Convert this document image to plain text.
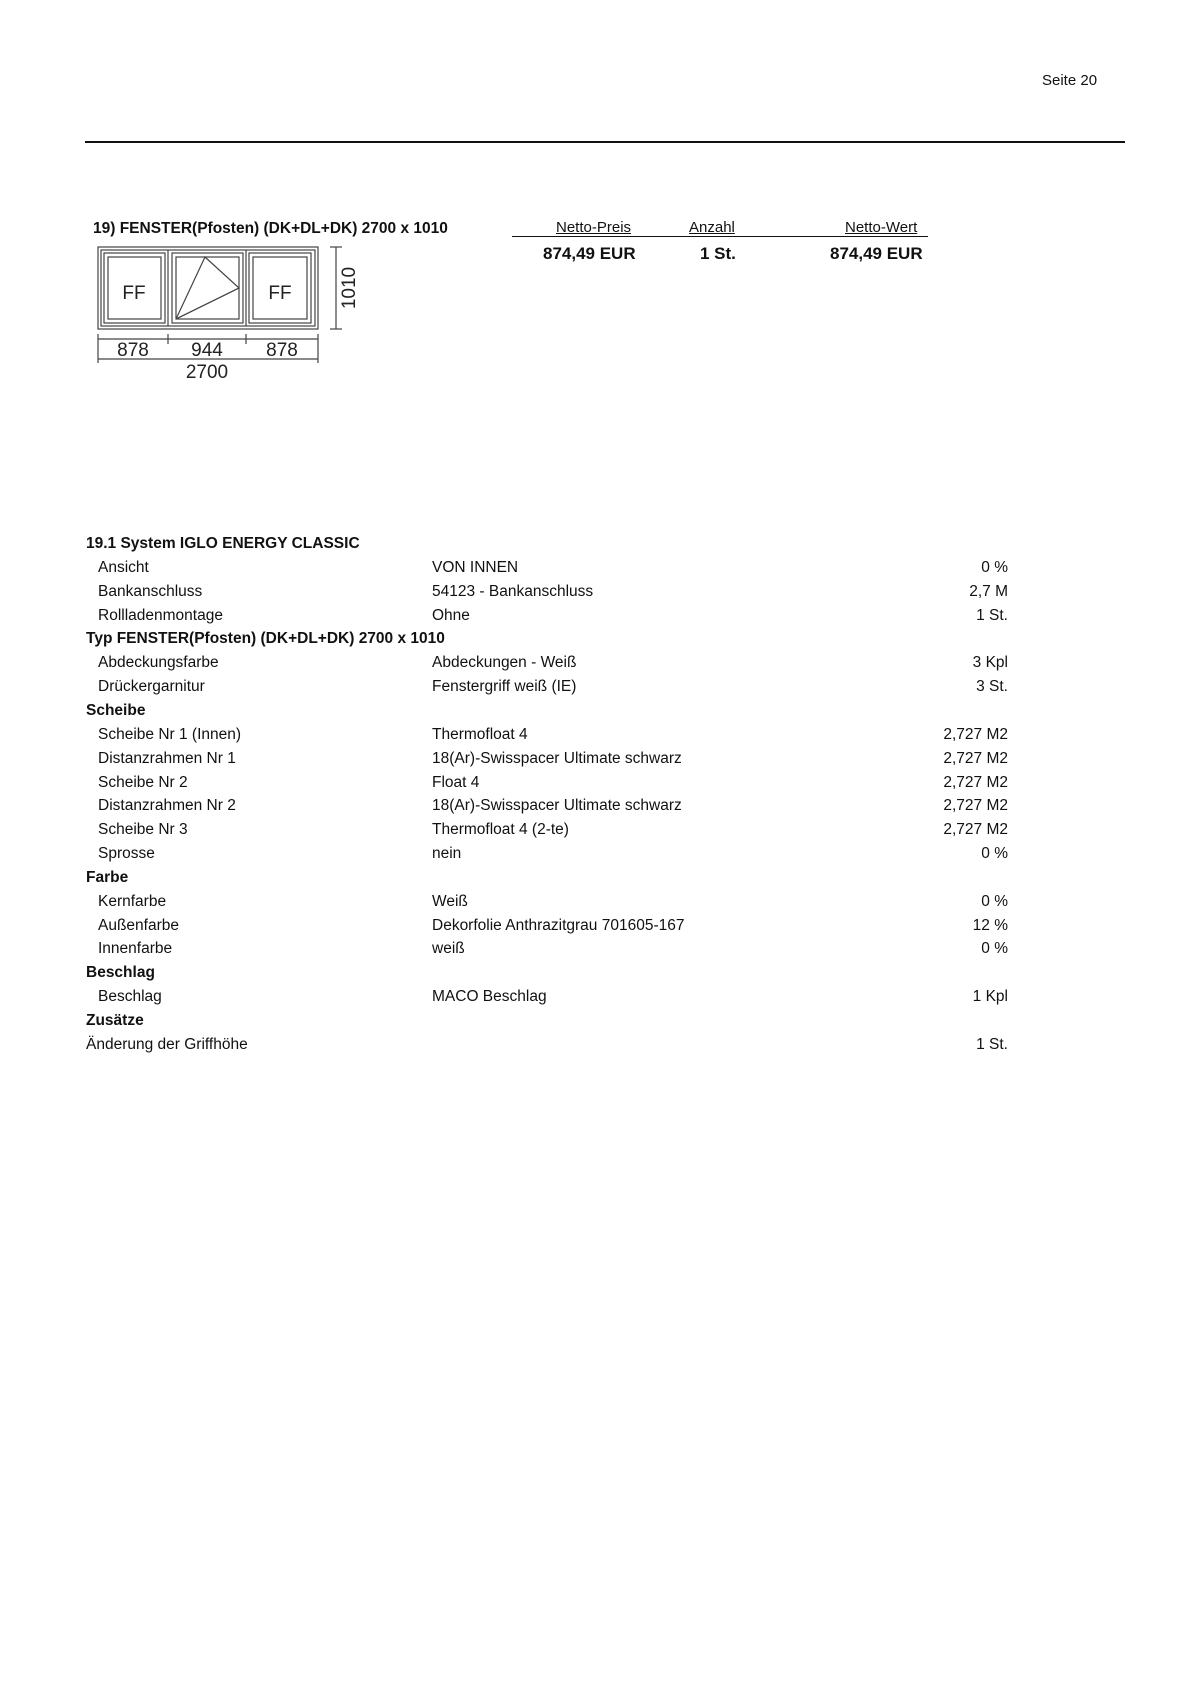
Seite 20
19) FENSTER(Pfosten) (DK+DL+DK) 2700 x 1010	Netto-Preis	Anzahl	Netto-Wert
874,49 EUR	1 St.	874,49 EUR
FF	FF 1010
878 944 878
2700
19.1 System IGLO ENERGY CLASSIC
Ansicht	VON INNEN	0 %
Bankanschluss	54123 - Bankanschluss	2,7 M
Rollladenmontage	Ohne	1 St.
Typ FENSTER(Pfosten) (DK+DL+DK) 2700 x 1010
Abdeckungsfarbe	Abdeckungen - Weiß	3 Kpl
Drückergarnitur	Fenstergriff weiß (IE)	3 St.
Scheibe
Scheibe Nr 1 (Innen)	Thermofloat 4	2,727 M2
Distanzrahmen Nr 1	18(Ar)-Swisspacer Ultimate schwarz	2,727 M2
Scheibe Nr 2	Float 4	2,727 M2
Distanzrahmen Nr 2	18(Ar)-Swisspacer Ultimate schwarz	2,727 M2
Scheibe Nr 3	Thermofloat 4 (2-te)	2,727 M2
Sprosse	nein	0 %
Farbe
Kernfarbe	Weiß	0 %
Außenfarbe	Dekorfolie Anthrazitgrau 701605-167	12 %
Innenfarbe	weiß	0 %
Beschlag
Beschlag	MACO Beschlag	1 Kpl
Zusätze
Änderung der Griffhöhe	1 St.
